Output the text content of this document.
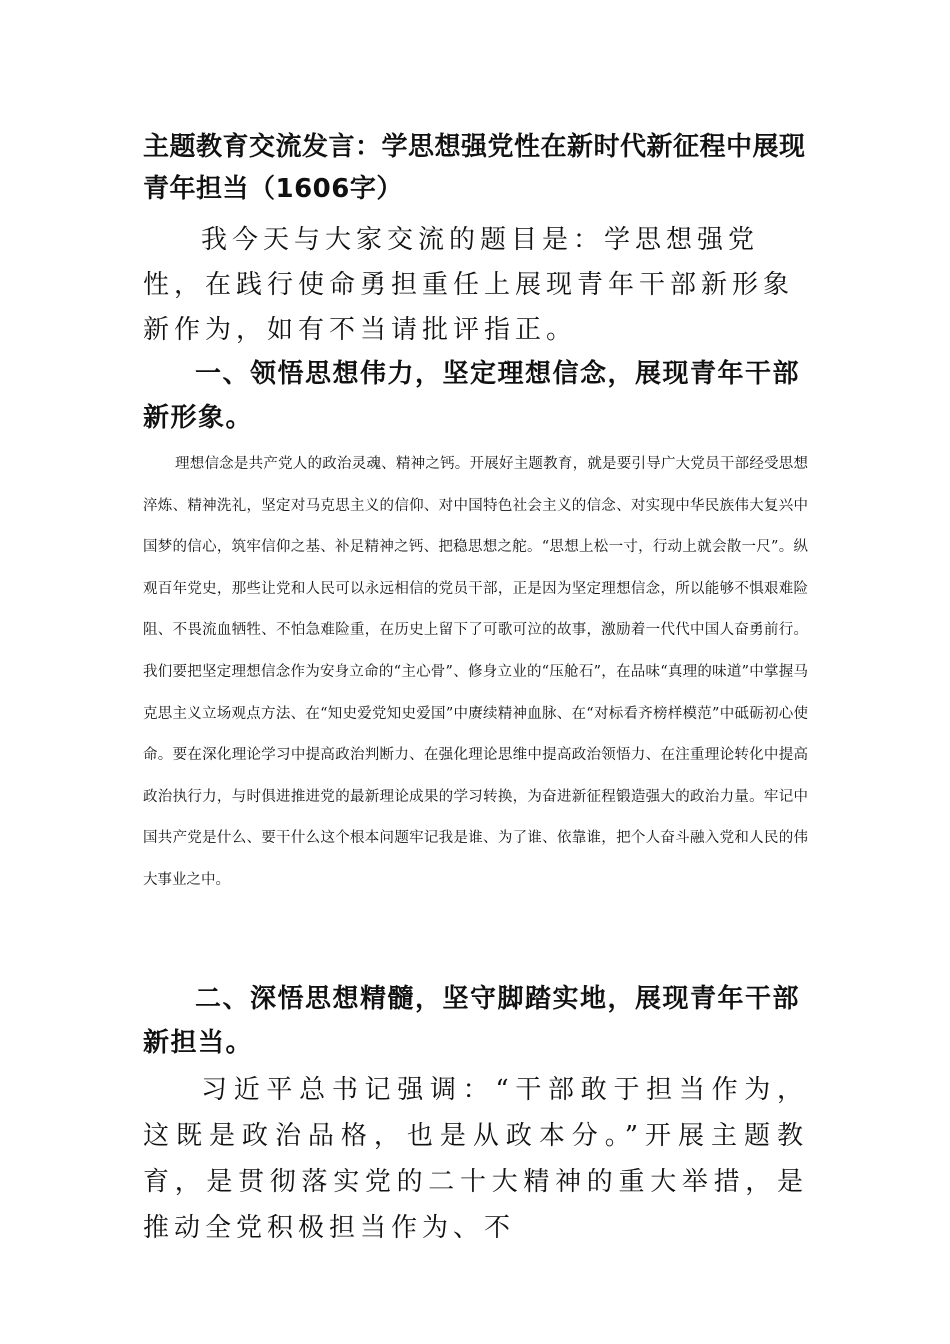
主题教育交流发言：学思想强党性在新时代新征程中展现青年担当（1606字）

我今天与大家交流的题目是：学思想强党性，在践行使命勇担重任上展现青年干部新形象新作为，如有不当请批评指正。

一、领悟思想伟力，坚定理想信念，展现青年干部新形象。

理想信念是共产党人的政治灵魂、精神之钙。开展好主题教育，就是要引导广大党员干部经受思想淬炼、精神洗礼，坚定对马克思主义的信仰、对中国特色社会主义的信念、对实现中华民族伟大复兴中国梦的信心，筑牢信仰之基、补足精神之钙、把稳思想之舵。“思想上松一寸，行动上就会散一尺”。纵观百年党史，那些让党和人民可以永远相信的党员干部，正是因为坚定理想信念，所以能够不惧艰难险阻、不畏流血牺牲、不怕急难险重，在历史上留下了可歌可泣的故事，激励着一代代中国人奋勇前行。我们要把坚定理想信念作为安身立命的“主心骨”、修身立业的“压舱石”，在品味“真理的味道”中掌握马克思主义立场观点方法、在“知史爱党知史爱国”中赓续精神血脉、在“对标看齐榜样模范”中砥砺初心使命。要在深化理论学习中提高政治判断力、在强化理论思维中提高政治领悟力、在注重理论转化中提高政治执行力，与时俱进推进党的最新理论成果的学习转换，为奋进新征程锻造强大的政治力量。牢记中国共产党是什么、要干什么这个根本问题牢记我是谁、为了谁、依靠谁，把个人奋斗融入党和人民的伟大事业之中。

二、深悟思想精髓，坚守脚踏实地，展现青年干部新担当。

习近平总书记强调：“干部敢于担当作为，这既是政治品格，也是从政本分。”开展主题教育，是贯彻落实党的二十大精神的重大举措，是推动全党积极担当作为、不
